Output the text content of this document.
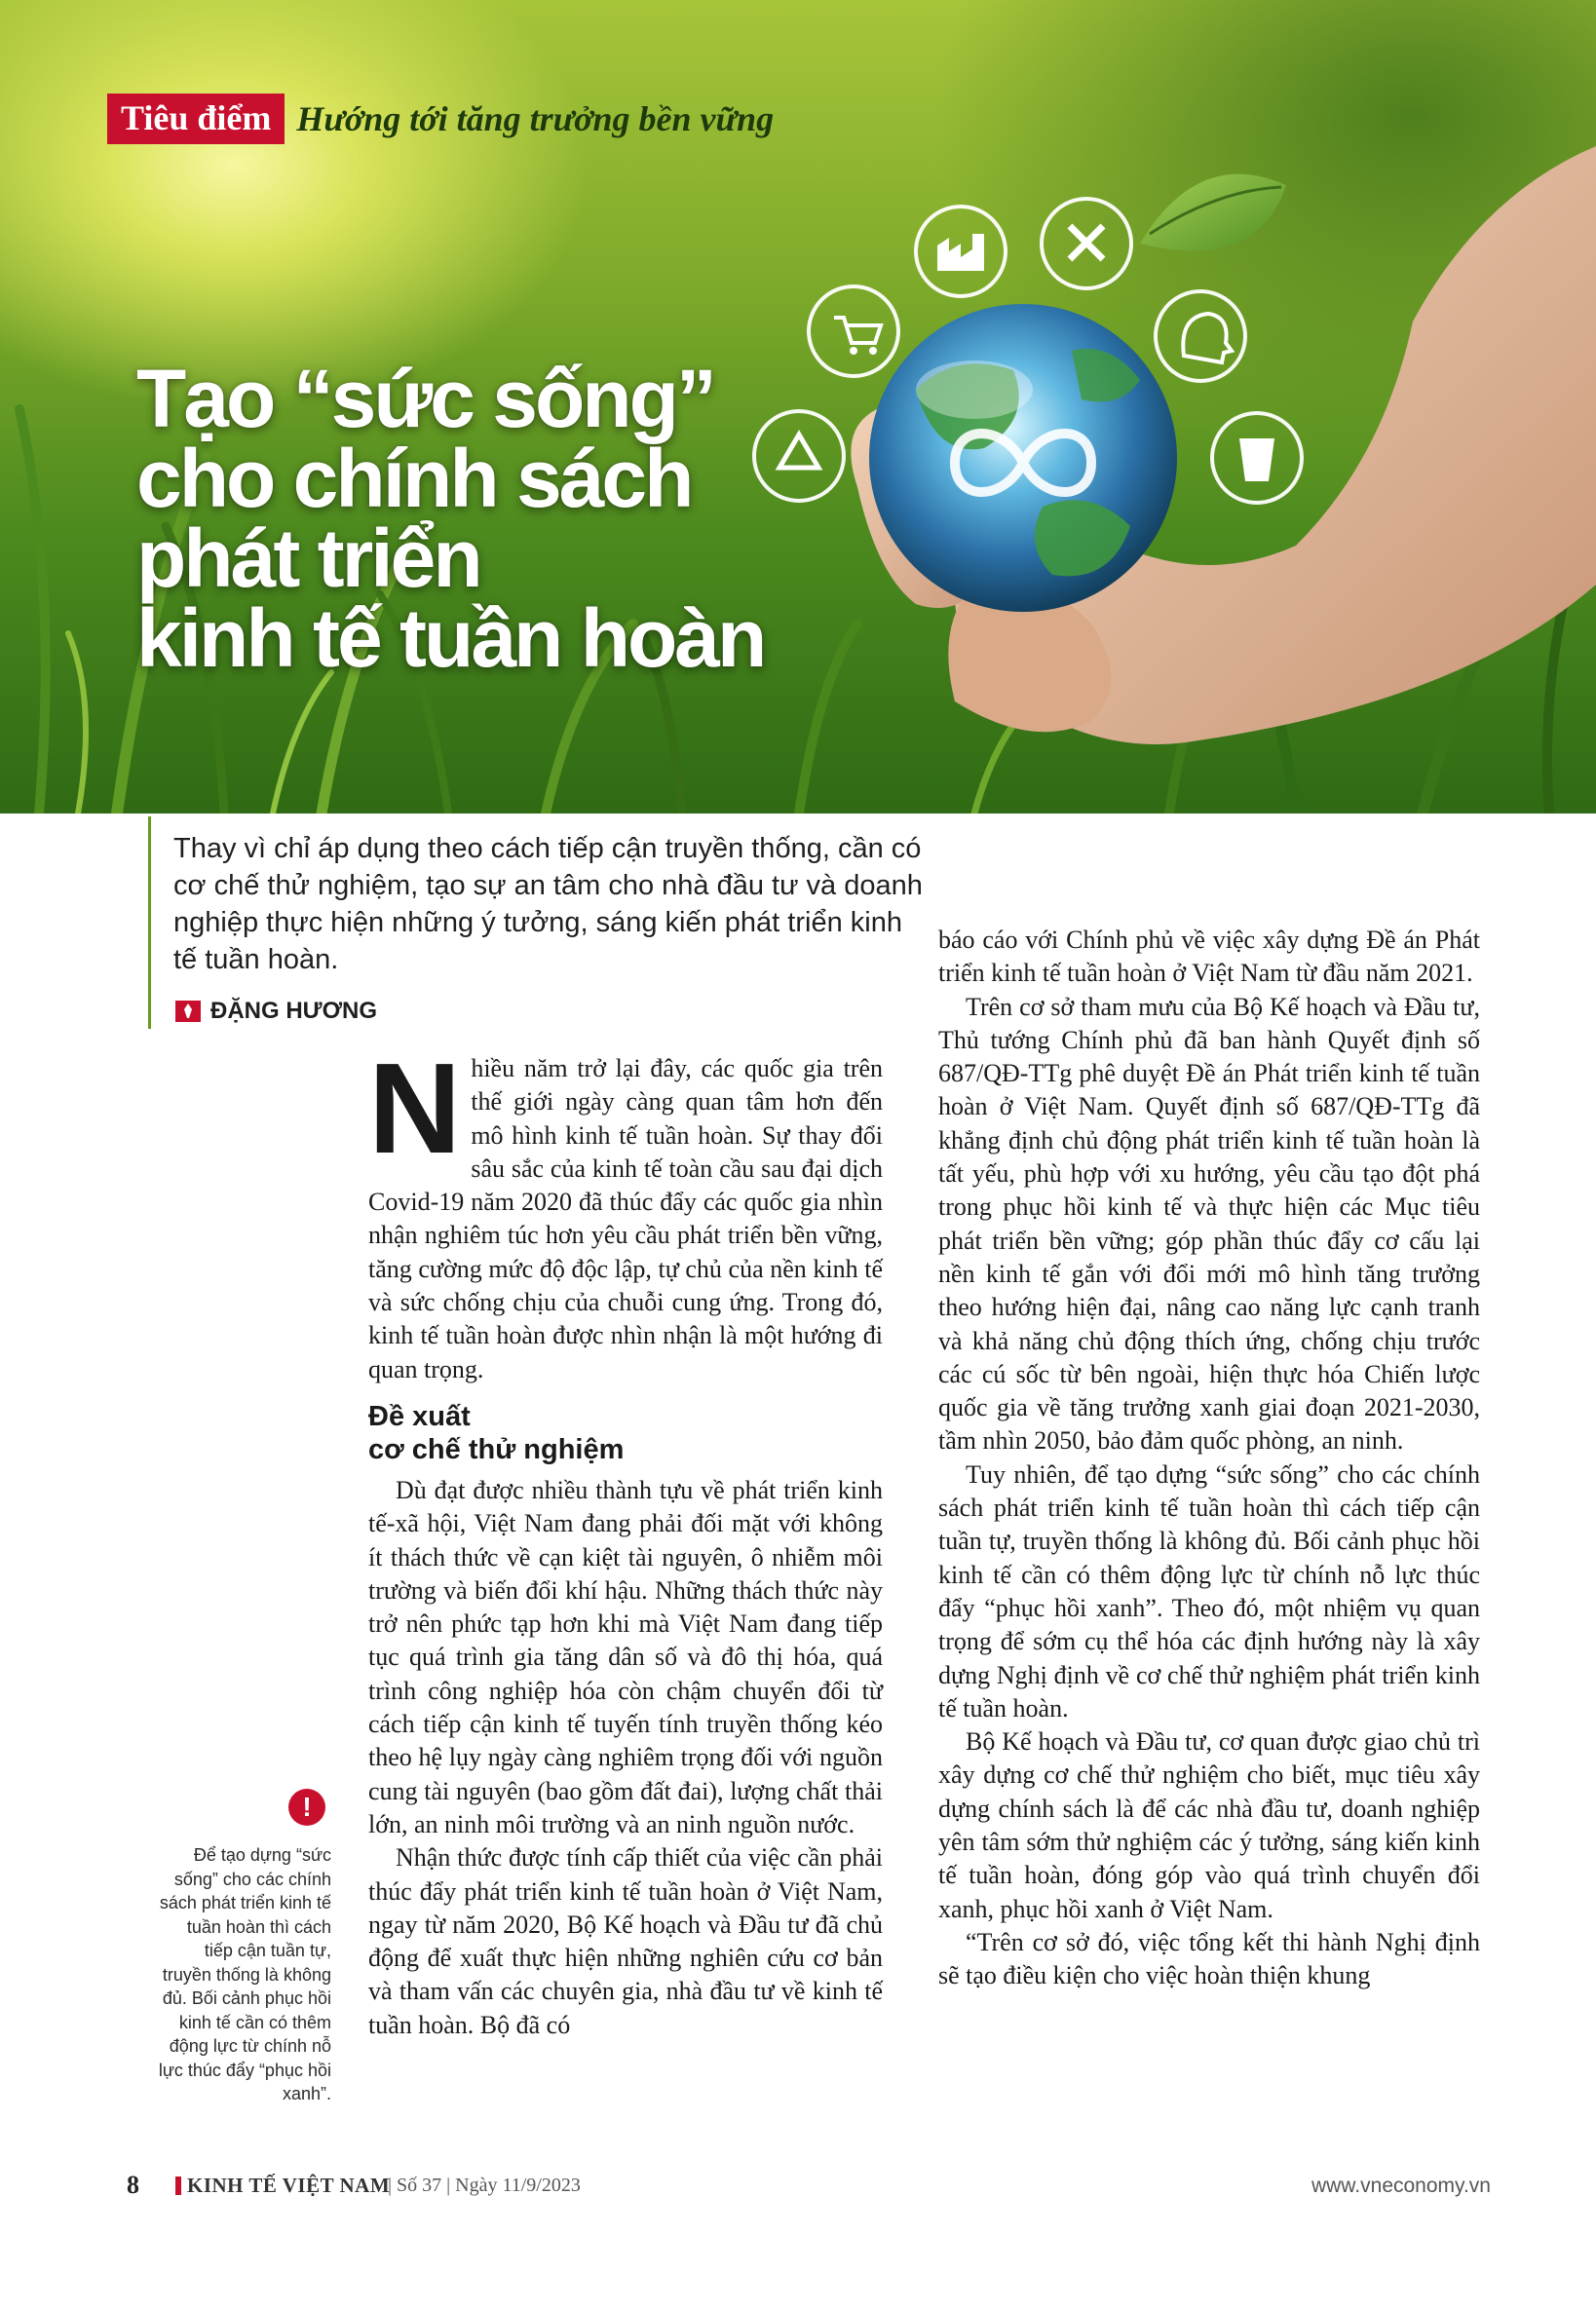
Tiêu điểm Hướng tới tăng trưởng bền vững
Tạo “sức sống”
cho chính sách
phát triển
kinh tế tuần hoàn

Thay vì chỉ áp dụng theo cách tiếp cận truyền thống, cần có cơ chế thử nghiệm, tạo sự an tâm cho nhà đầu tư và doanh nghiệp thực hiện những ý tưởng, sáng kiến phát triển kinh tế tuần hoàn.

ĐẶNG HƯƠNG

Nhiều năm trở lại đây, các quốc gia trên thế giới ngày càng quan tâm hơn đến mô hình kinh tế tuần hoàn. Sự thay đổi sâu sắc của kinh tế toàn cầu sau đại dịch Covid-19 năm 2020 đã thúc đẩy các quốc gia nhìn nhận nghiêm túc hơn yêu cầu phát triển bền vững, tăng cường mức độ độc lập, tự chủ của nền kinh tế và sức chống chịu của chuỗi cung ứng. Trong đó, kinh tế tuần hoàn được nhìn nhận là một hướng đi quan trọng.

Đề xuất
cơ chế thử nghiệm

Dù đạt được nhiều thành tựu về phát triển kinh tế-xã hội, Việt Nam đang phải đối mặt với không ít thách thức về cạn kiệt tài nguyên, ô nhiễm môi trường và biến đổi khí hậu. Những thách thức này trở nên phức tạp hơn khi mà Việt Nam đang tiếp tục quá trình gia tăng dân số và đô thị hóa, quá trình công nghiệp hóa còn chậm chuyển đổi từ cách tiếp cận kinh tế tuyến tính truyền thống kéo theo hệ lụy ngày càng nghiêm trọng đối với nguồn cung tài nguyên (bao gồm đất đai), lượng chất thải lớn, an ninh môi trường và an ninh nguồn nước.

Nhận thức được tính cấp thiết của việc cần phải thúc đẩy phát triển kinh tế tuần hoàn ở Việt Nam, ngay từ năm 2020, Bộ Kế hoạch và Đầu tư đã chủ động để xuất thực hiện những nghiên cứu cơ bản và tham vấn các chuyên gia, nhà đầu tư về kinh tế tuần hoàn. Bộ đã có

báo cáo với Chính phủ về việc xây dựng Đề án Phát triển kinh tế tuần hoàn ở Việt Nam từ đầu năm 2021.

Trên cơ sở tham mưu của Bộ Kế hoạch và Đầu tư, Thủ tướng Chính phủ đã ban hành Quyết định số 687/QĐ-TTg phê duyệt Đề án Phát triển kinh tế tuần hoàn ở Việt Nam. Quyết định số 687/QĐ-TTg đã khẳng định chủ động phát triển kinh tế tuần hoàn là tất yếu, phù hợp với xu hướng, yêu cầu tạo đột phá trong phục hồi kinh tế và thực hiện các Mục tiêu phát triển bền vững; góp phần thúc đẩy cơ cấu lại nền kinh tế gắn với đổi mới mô hình tăng trưởng theo hướng hiện đại, nâng cao năng lực cạnh tranh và khả năng chủ động thích ứng, chống chịu trước các cú sốc từ bên ngoài, hiện thực hóa Chiến lược quốc gia về tăng trưởng xanh giai đoạn 2021-2030, tầm nhìn 2050, bảo đảm quốc phòng, an ninh.

Tuy nhiên, để tạo dựng “sức sống” cho các chính sách phát triển kinh tế tuần hoàn thì cách tiếp cận tuần tự, truyền thống là không đủ. Bối cảnh phục hồi kinh tế cần có thêm động lực từ chính nỗ lực thúc đẩy “phục hồi xanh”. Theo đó, một nhiệm vụ quan trọng để sớm cụ thể hóa các định hướng này là xây dựng Nghị định về cơ chế thử nghiệm phát triển kinh tế tuần hoàn.

Bộ Kế hoạch và Đầu tư, cơ quan được giao chủ trì xây dựng cơ chế thử nghiệm cho biết, mục tiêu xây dựng chính sách là để các nhà đầu tư, doanh nghiệp yên tâm sớm thử nghiệm các ý tưởng, sáng kiến kinh tế tuần hoàn, đóng góp vào quá trình chuyển đổi xanh, phục hồi xanh ở Việt Nam.

“Trên cơ sở đó, việc tổng kết thi hành Nghị định sẽ tạo điều kiện cho việc hoàn thiện khung

!

Để tạo dựng “sức sống” cho các chính sách phát triển kinh tế tuần hoàn thì cách tiếp cận tuần tự, truyền thống là không đủ. Bối cảnh phục hồi kinh tế cần có thêm động lực từ chính nỗ lực thúc đẩy “phục hồi xanh”.

8 KINH TẾ VIỆT NAM
| Số 37 | Ngày 11/9/2023	www.vneconomy.vn
